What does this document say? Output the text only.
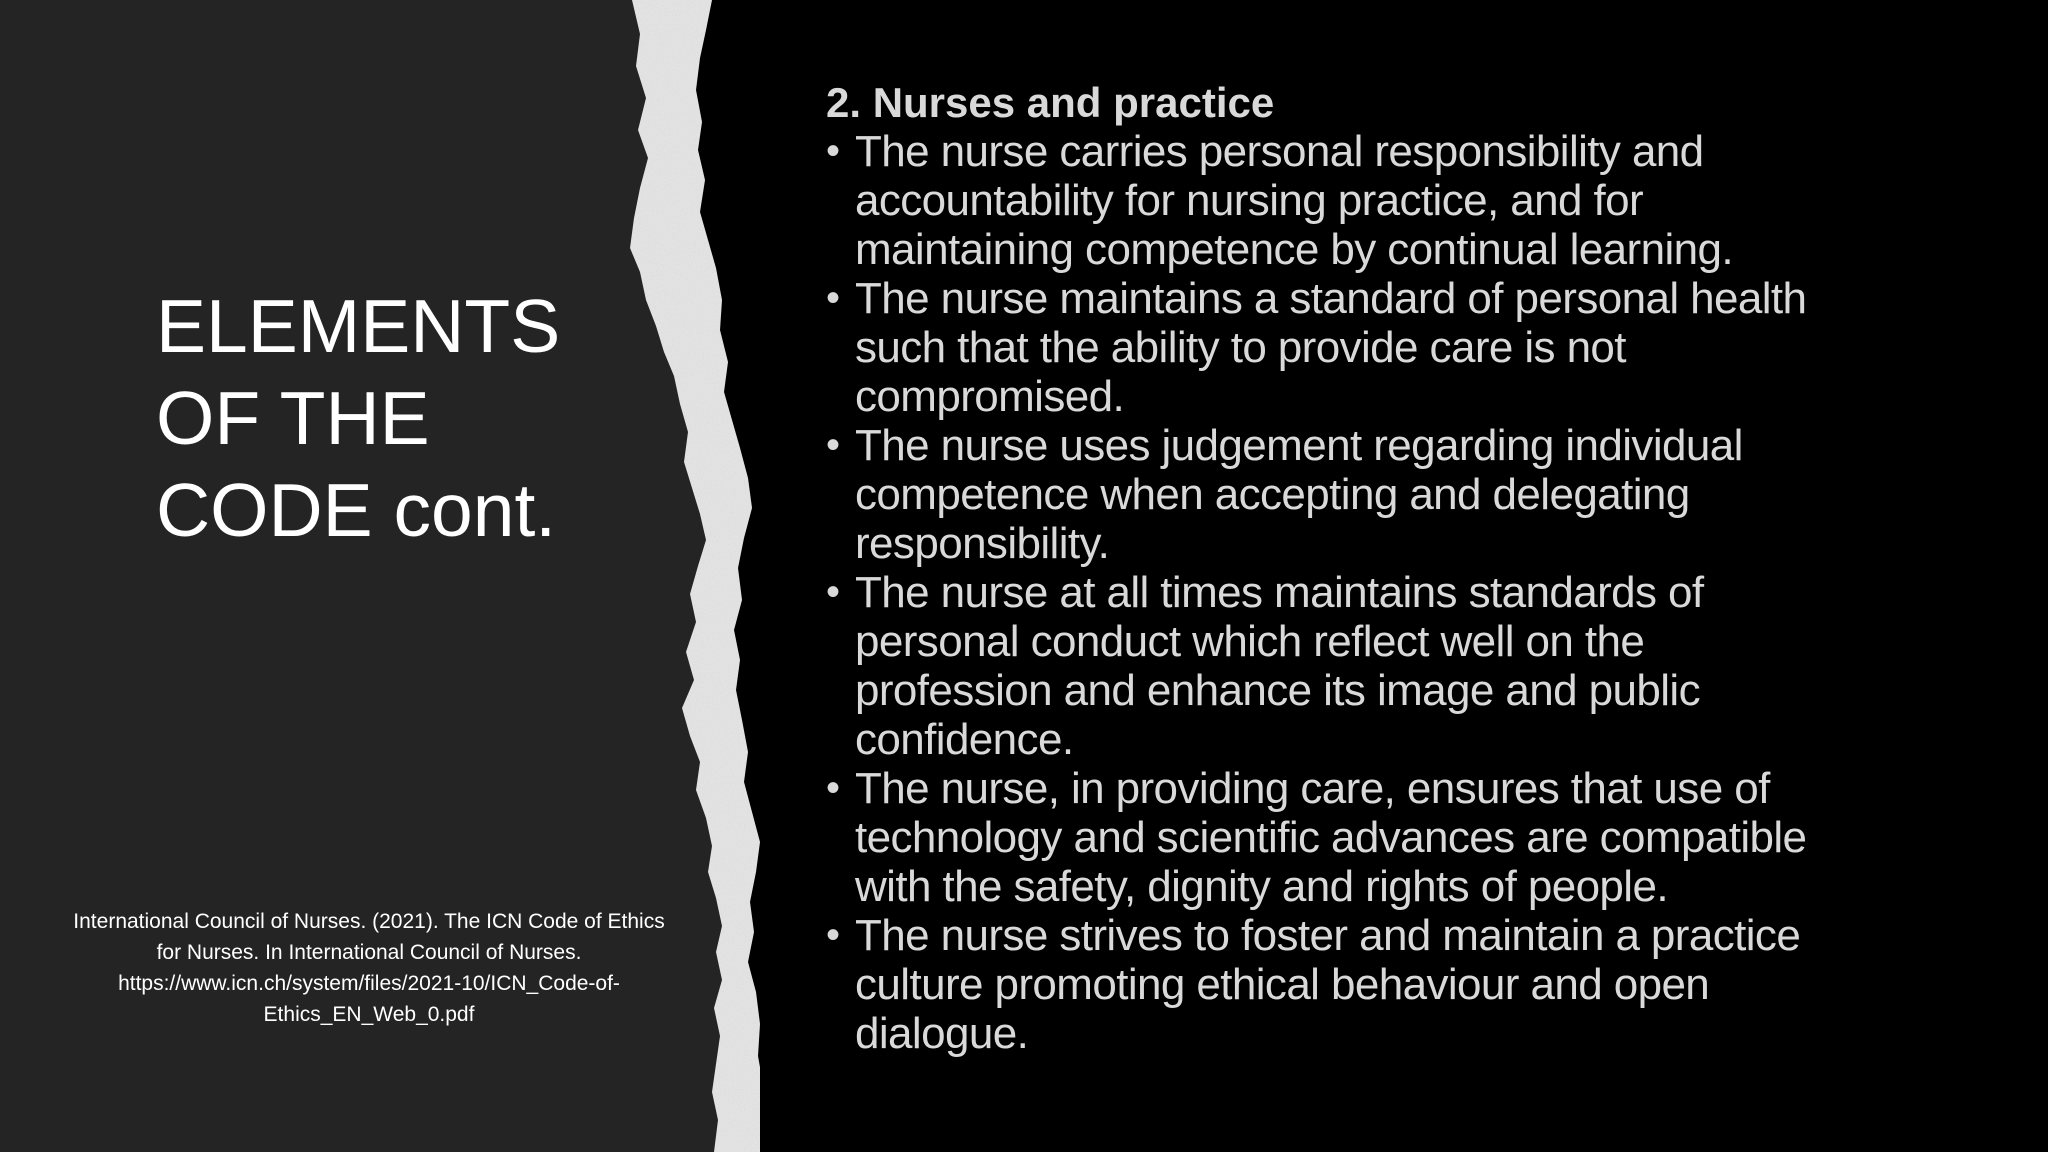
ELEMENTS
OF THE
CODE cont.
International Council of Nurses. (2021). The ICN Code of Ethics
for Nurses. In International Council of Nurses.
https://www.icn.ch/system/files/2021-10/ICN_Code-of-
Ethics_EN_Web_0.pdf
2. Nurses and practice
• The nurse carries personal responsibility and
accountability for nursing practice, and for
maintaining competence by continual learning.
• The nurse maintains a standard of personal health
such that the ability to provide care is not
compromised.
• The nurse uses judgement regarding individual
competence when accepting and delegating
responsibility.
• The nurse at all times maintains standards of
personal conduct which reflect well on the
profession and enhance its image and public
confidence.
• The nurse, in providing care, ensures that use of
technology and scientific advances are compatible
with the safety, dignity and rights of people.
• The nurse strives to foster and maintain a practice
culture promoting ethical behaviour and open
dialogue.
